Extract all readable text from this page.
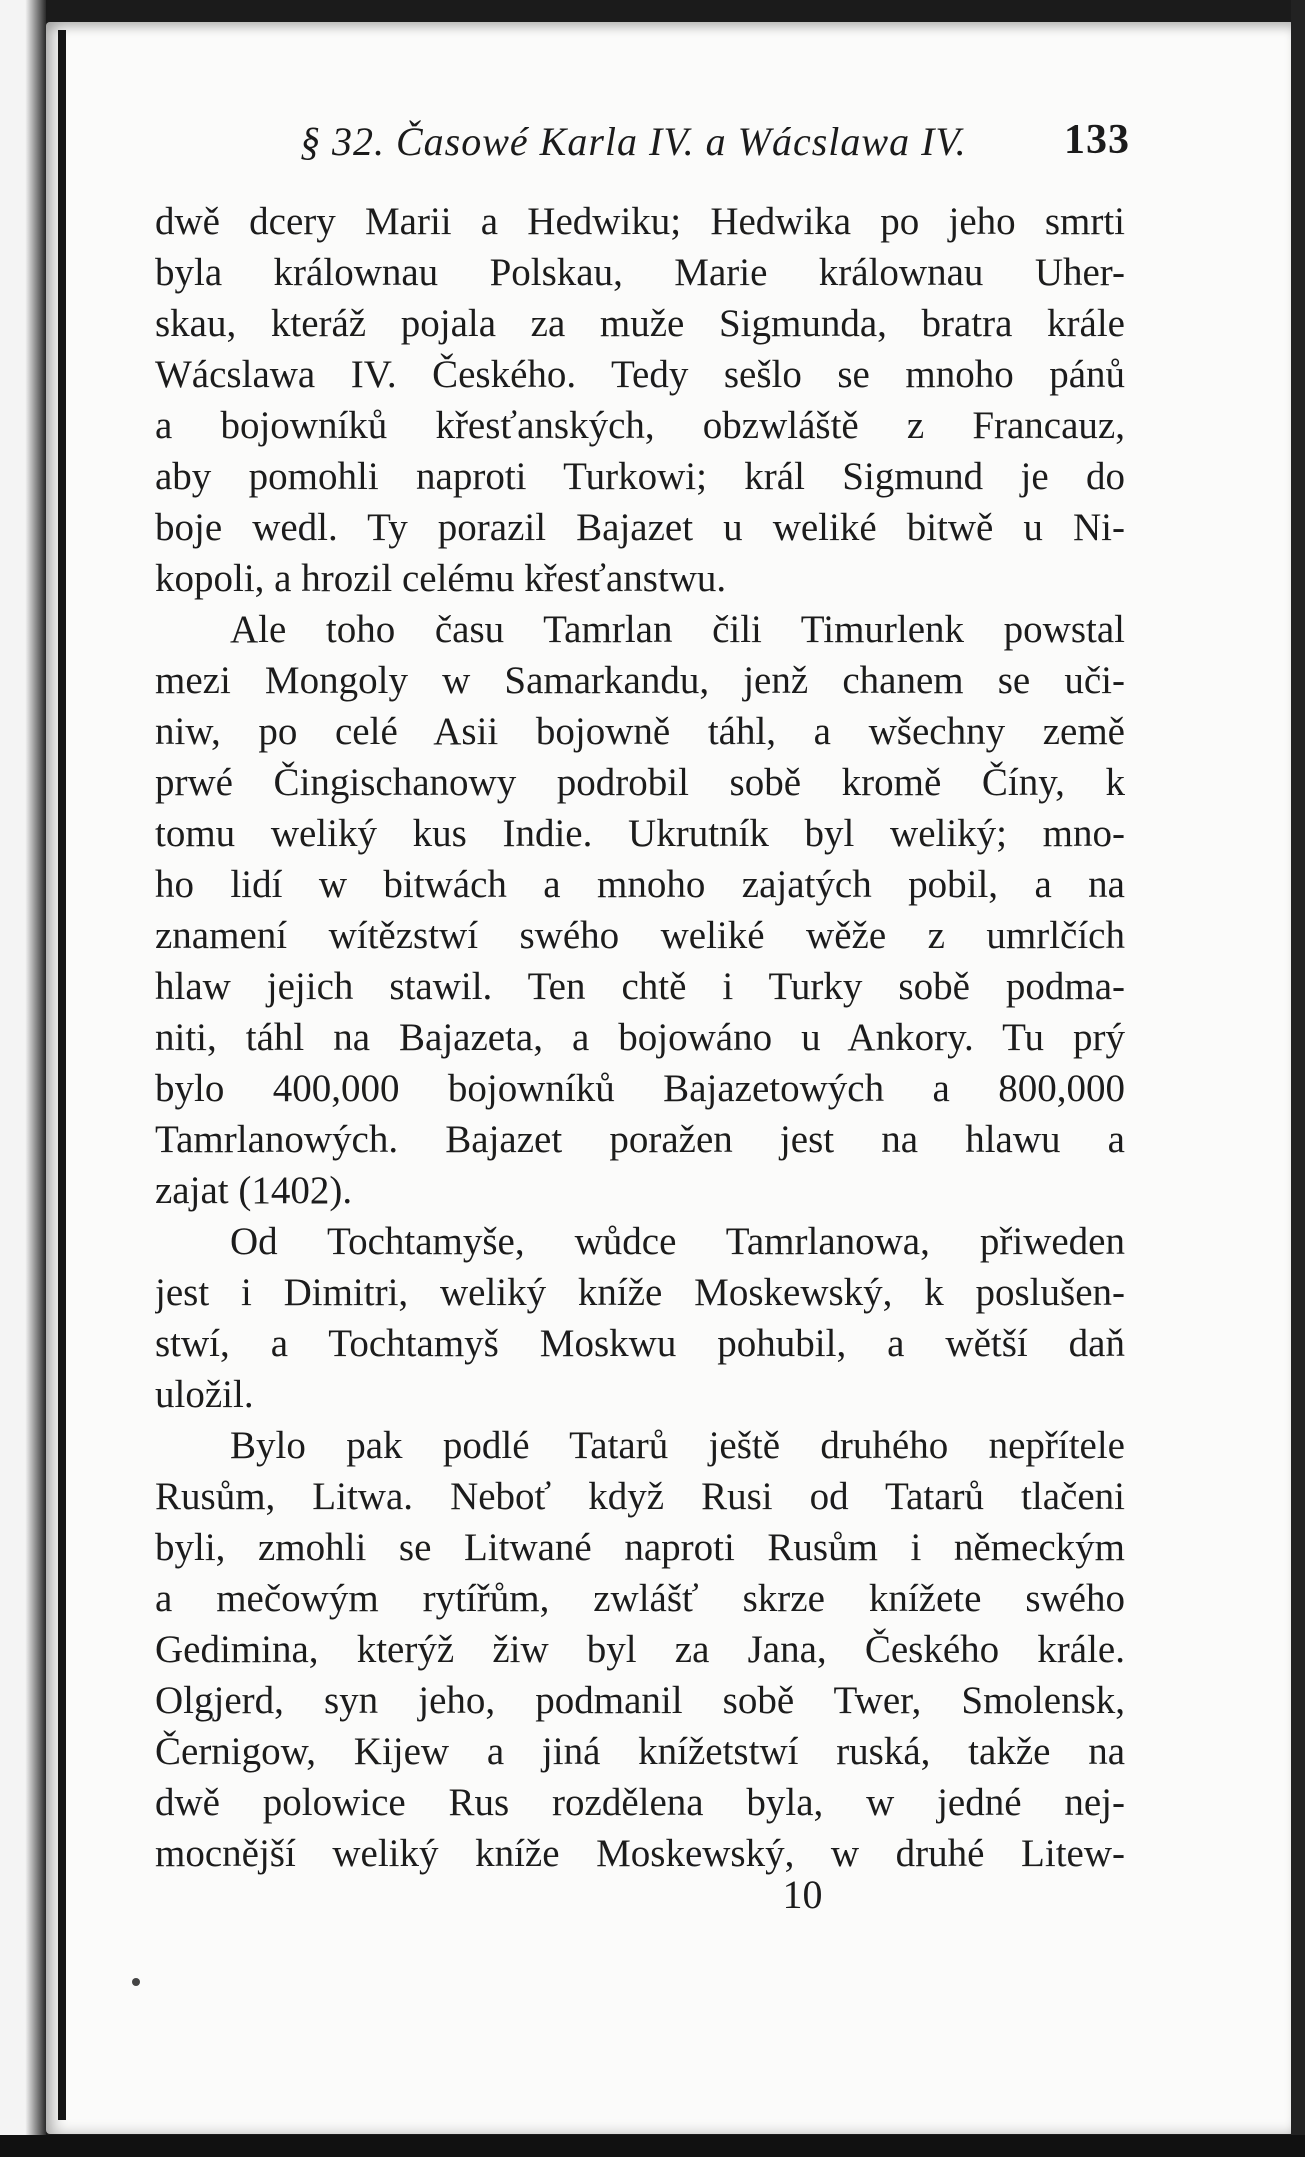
§ 32. Časowé Karla IV. a Wácslawa IV. 133
dwě dcery Marii a Hedwiku; Hedwika po jeho smrti
byla králownau Polskau, Marie králownau Uher-
skau, kteráž pojala za muže Sigmunda, bratra krále
Wácslawa IV. Českého. Tedy sešlo se mnoho pánů
a bojowníků křesťanských, obzwláště z Francauz,
aby pomohli naproti Turkowi; král Sigmund je do
boje wedl. Ty porazil Bajazet u weliké bitwě u Ni-
kopoli, a hrozil celému křesťanstwu.
Ale toho času Tamrlan čili Timurlenk powstal
mezi Mongoly w Samarkandu, jenž chanem se uči-
niw, po celé Asii bojowně táhl, a wšechny země
prwé Čingischanowy podrobil sobě kromě Číny, k
tomu weliký kus Indie. Ukrutník byl weliký; mno-
ho lidí w bitwách a mnoho zajatých pobil, a na
znamení wítězstwí swého weliké wěže z umrlčích
hlaw jejich stawil. Ten chtě i Turky sobě podma-
niti, táhl na Bajazeta, a bojowáno u Ankory. Tu prý
bylo 400,000 bojowníků Bajazetowých a 800,000
Tamrlanowých. Bajazet poražen jest na hlawu a
zajat (1402).
Od Tochtamyše, wůdce Tamrlanowa, přiweden
jest i Dimitri, weliký kníže Moskewský, k poslušen-
stwí, a Tochtamyš Moskwu pohubil, a wětší daň
uložil.
Bylo pak podlé Tatarů ještě druhého nepřítele
Rusům, Litwa. Neboť když Rusi od Tatarů tlačeni
byli, zmohli se Litwané naproti Rusům i německým
a mečowým rytířům, zwlášť skrze knížete swého
Gedimina, kterýž žiw byl za Jana, Českého krále.
Olgjerd, syn jeho, podmanil sobě Twer, Smolensk,
Černigow, Kijew a jiná knížetstwí ruská, takže na
dwě polowice Rus rozdělena byla, w jedné nej-
mocnější weliký kníže Moskewský, w druhé Litew-
10
